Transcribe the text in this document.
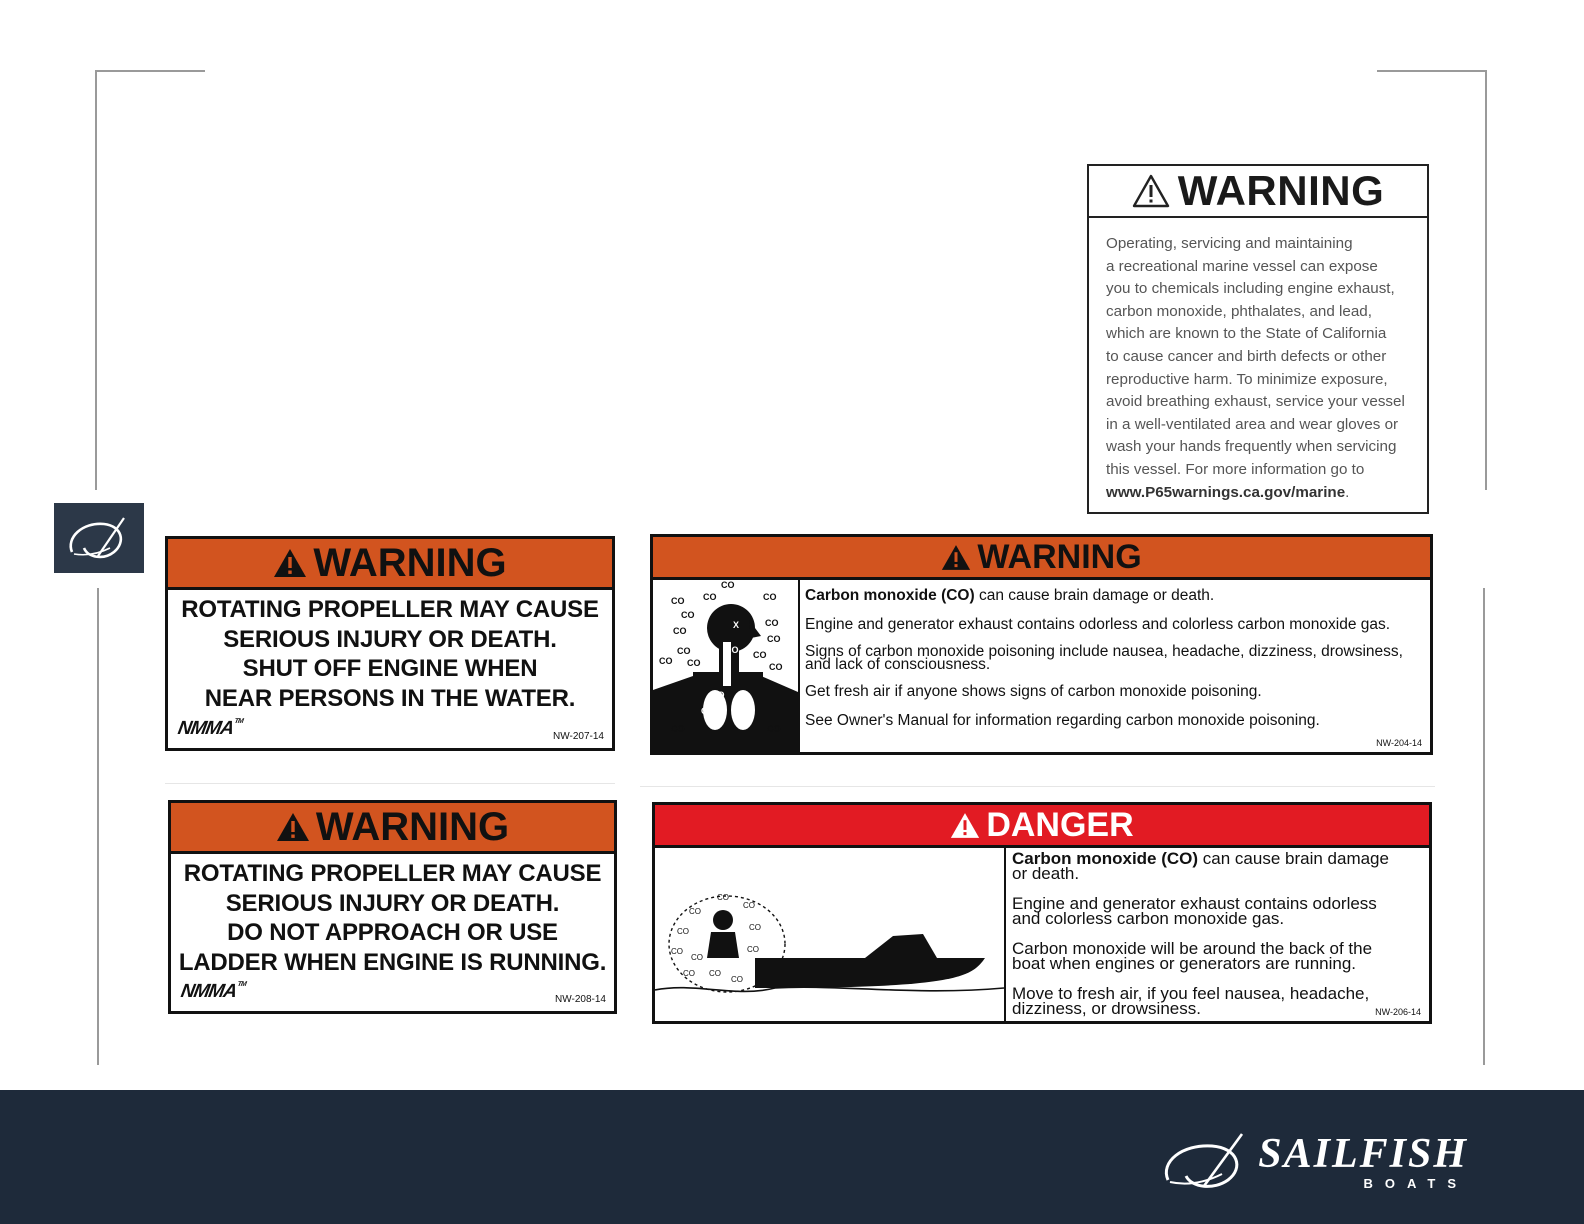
WARNING
Operating, servicing and maintaining
a recreational marine vessel can expose
you to chemicals including engine exhaust,
carbon monoxide, phthalates, and lead,
which are known to the State of California
to cause cancer and birth defects or other
reproductive harm. To minimize exposure,
avoid breathing exhaust, service your vessel
in a well-ventilated area and wear gloves or
wash your hands frequently when servicing
this vessel. For more information go to
www.P65warnings.ca.gov/marine.
WARNING
ROTATING PROPELLER MAY CAUSE
SERIOUS INJURY OR DEATH.
SHUT OFF ENGINE WHEN
NEAR PERSONS IN THE WATER.
NMMA™
NW-207-14
WARNING
ROTATING PROPELLER MAY CAUSE
SERIOUS INJURY OR DEATH.
DO NOT APPROACH OR USE
LADDER WHEN ENGINE IS RUNNING.
NMMA™
NW-208-14
WARNING
CO
CO CO	CO
CO
CO
CO
CO
CO
CO CO
CO
CO
CO	CO
CO
CO CO
CO
CO
X

Carbon monoxide (CO) can cause brain damage or death.

Engine and generator exhaust contains odorless and colorless carbon monoxide gas.

Signs of carbon monoxide poisoning include nausea, headache, dizziness, drowsiness,

and lack of consciousness.

Get fresh air if anyone shows signs of carbon monoxide poisoning.

See Owner's Manual for information regarding carbon monoxide poisoning.

NW-204-14
DANGER
CO
CO
CO
CO	CO
CO
CO
CO
CO CO
CO

Carbon monoxide (CO) can cause brain damage

or death.

Engine and generator exhaust contains odorless

and colorless carbon monoxide gas.

Carbon monoxide will be around the back of the

boat when engines or generators are running.

Move to fresh air, if you feel nausea, headache,

dizziness, or drowsiness.	NW-206-14
SAILFISH
BOATS
